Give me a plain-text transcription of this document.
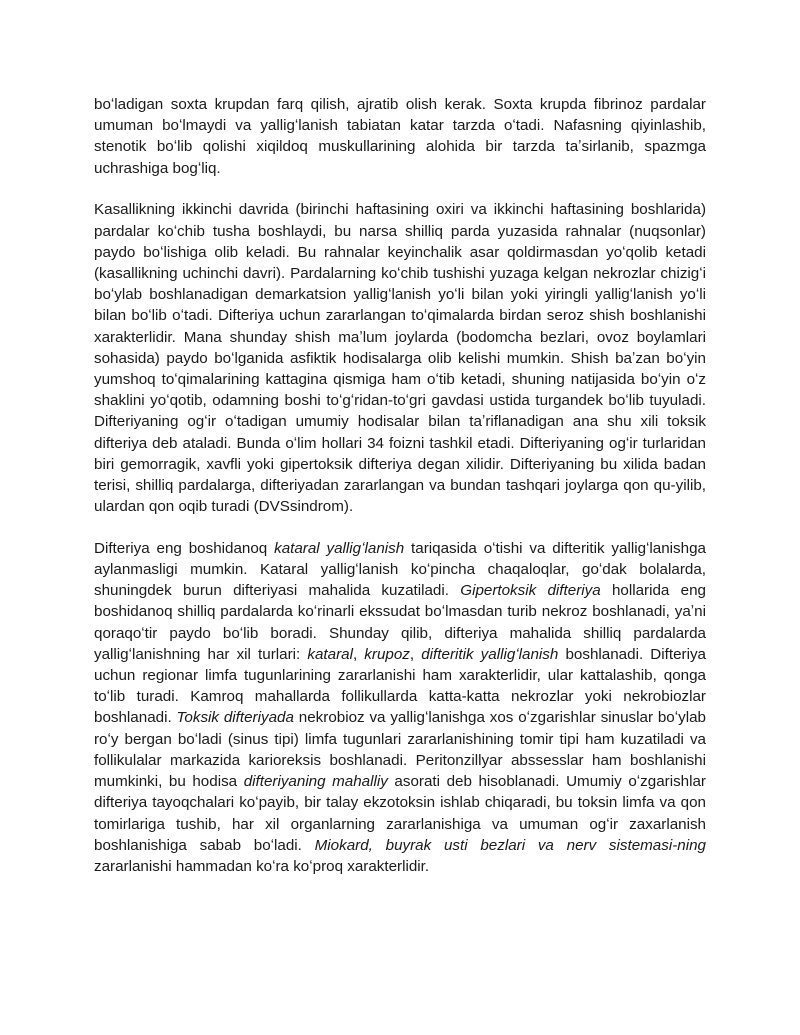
boʻladigan soxta krupdan farq qilish, ajratib olish kerak. Soxta krupda fibrinoz pardalar umuman boʻlmaydi va yalligʻlanish tabiatan katar tarzda oʻtadi. Nafasning qiyinlashib, stenotik boʻlib qolishi xiqildoq muskullarining alohida bir tarzda taʼsirlanib, spazmga uchrashiga bogʻliq.

Kasallikning ikkinchi davrida (birinchi haftasining oxiri va ikkinchi haftasining boshlarida) pardalar koʻchib tusha boshlaydi, bu narsa shilliq parda yuzasida rahnalar (nuqsonlar) paydo boʻlishiga olib keladi. Bu rahnalar keyinchalik asar qoldirmasdan yoʻqolib ketadi (kasallikning uchinchi davri). Pardalarning koʻchib tushishi yuzaga kelgan nekrozlar chizigʻi boʻylab boshlanadigan demarkatsion yalligʻlanish yoʻli bilan yoki yiringli yalligʻlanish yoʻli bilan boʻlib oʻtadi. Difteriya uchun zararlangan toʻqimalarda birdan seroz shish boshlanishi xarakterlidir. Mana shunday shish maʼlum joylarda (bodomcha bezlari, ovoz boylamlari sohasida) paydo boʻlganida asfiktik hodisalarga olib kelishi mumkin. Shish baʼzan boʻyin yumshoq toʻqimalarining kattagina qismiga ham oʻtib ketadi, shuning natijasida boʻyin oʻz shaklini yoʻqotib, odamning boshi toʻgʻridan-toʻgri gavdasi ustida turgandek boʻlib tuyuladi. Difteriyaning ogʻir oʻtadigan umumiy hodisalar bilan taʼriflanadigan ana shu xili toksik difteriya deb ataladi. Bunda oʻlim hollari 34 foizni tashkil etadi. Difteriyaning ogʻir turlaridan biri gemorragik, xavfli yoki gipertoksik difteriya degan xilidir. Difteriyaning bu xilida badan terisi, shilliq pardalarga, difteriyadan zararlangan va bundan tashqari joylarga qon qu-yilib, ulardan qon oqib turadi (DVSsindrom).

Difteriya eng boshidanoq kataral yalligʻlanish tariqasida oʻtishi va difteritik yalligʻlanishga aylanmasligi mumkin. Kataral yalligʻlanish koʻpincha chaqaloqlar, goʻdak bolalarda, shuningdek burun difteriyasi mahalida kuzatiladi. Gipertoksik difteriya hollarida eng boshidanoq shilliq pardalarda koʻrinarli ekssudat boʻlmasdan turib nekroz boshlanadi, yaʼni qoraqoʻtir paydo boʻlib boradi. Shunday qilib, difteriya mahalida shilliq pardalarda yalligʻlanishning har xil turlari: kataral, krupoz, difteritik yalligʻlanish boshlanadi. Difteriya uchun regionar limfa tugunlarining zararlanishi ham xarakterlidir, ular kattalashib, qonga toʻlib turadi. Kamroq mahallarda follikullarda katta-katta nekrozlar yoki nekrobiozlar boshlanadi. Toksik difteriyada nekrobioz va yalligʻlanishga xos oʻzgarishlar sinuslar boʻylab roʻy bergan boʻladi (sinus tipi) limfa tugunlari zararlanishining tomir tipi ham kuzatiladi va follikulalar markazida karioreksis boshlanadi. Peritonzillyar abssesslar ham boshlanishi mumkinki, bu hodisa difteriyaning mahalliy asorati deb hisoblanadi. Umumiy oʻzgarishlar difteriya tayoqchalari koʻpayib, bir talay ekzotoksin ishlab chiqaradi, bu toksin limfa va qon tomirlariga tushib, har xil organlarning zararlanishiga va umuman ogʻir zaxarlanish boshlanishiga sabab boʻladi. Miokard, buyrak usti bezlari va nerv sistemasi-ning zararlanishi hammadan koʻra koʻproq xarakterlidir.
